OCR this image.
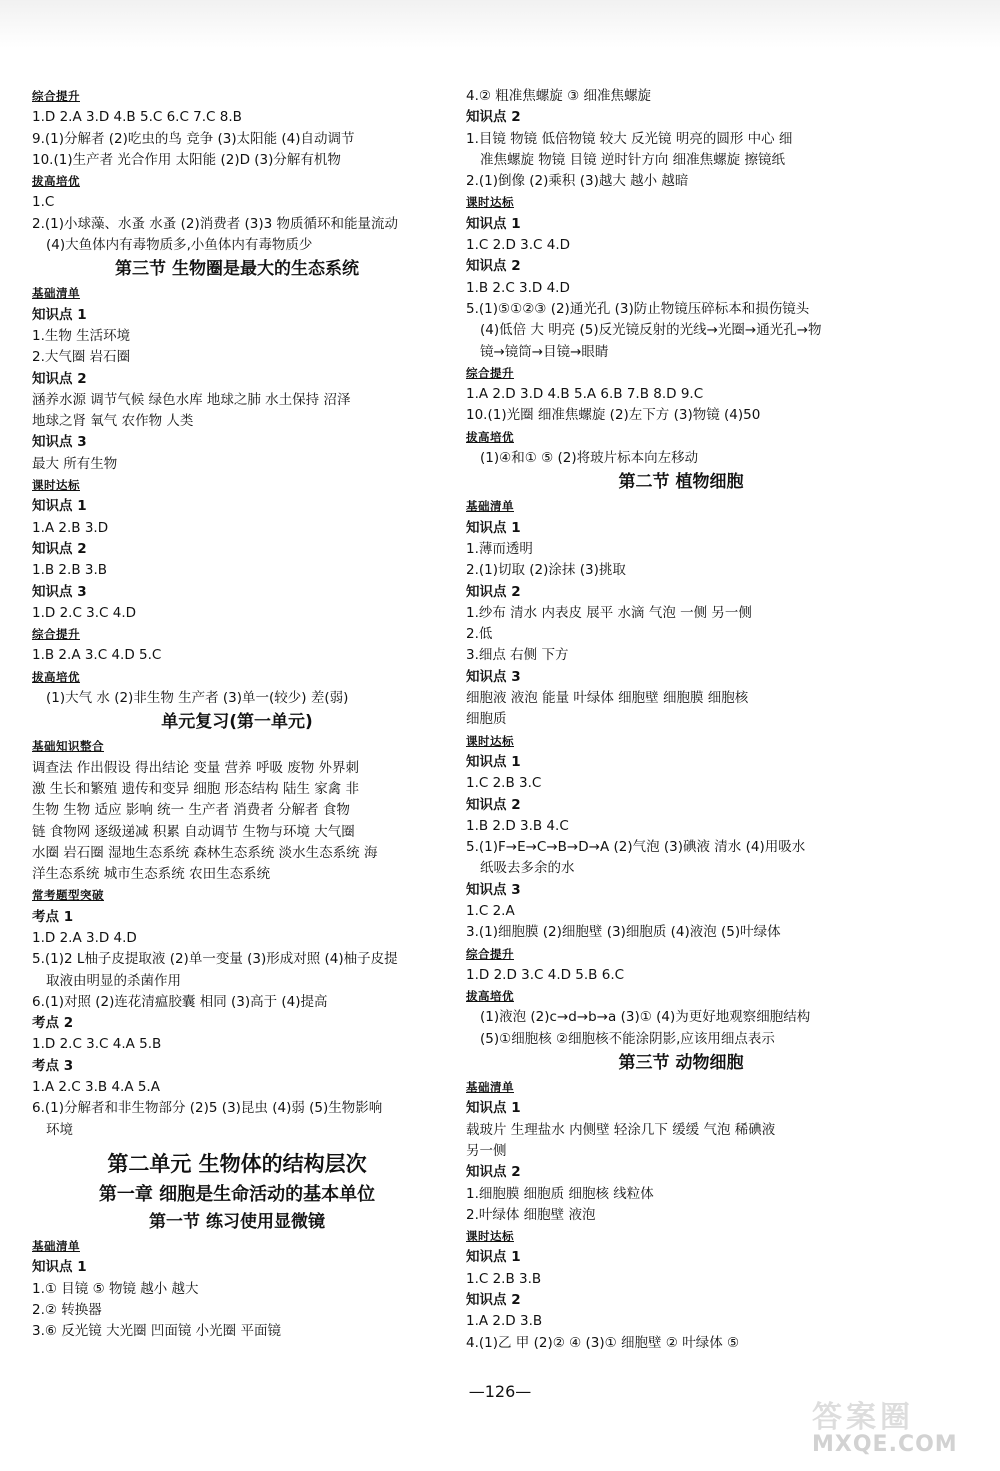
综合提升
1.D 2.A 3.D 4.B 5.C 6.C 7.C 8.B
9.(1)分解者 (2)吃虫的鸟 竞争 (3)太阳能 (4)自动调节
10.(1)生产者 光合作用 太阳能 (2)D (3)分解有机物
拔高培优
1.C
2.(1)小球藻、水蚤 水蚤 (2)消费者 (3)3 物质循环和能量流动
(4)大鱼体内有毒物质多,小鱼体内有毒物质少
第三节 生物圈是最大的生态系统
基础清单
知识点 1
1.生物 生活环境
2.大气圈 岩石圈
知识点 2
涵养水源 调节气候 绿色水库 地球之肺 水土保持 沼泽
地球之肾 氧气 农作物 人类
知识点 3
最大 所有生物
课时达标
知识点 1
1.A 2.B 3.D
知识点 2
1.B 2.B 3.B
知识点 3
1.D 2.C 3.C 4.D
综合提升
1.B 2.A 3.C 4.D 5.C
拔高培优
(1)大气 水 (2)非生物 生产者 (3)单一(较少) 差(弱)
单元复习(第一单元)
基础知识整合
调查法 作出假设 得出结论 变量 营养 呼吸 废物 外界刺
激 生长和繁殖 遗传和变异 细胞 形态结构 陆生 家禽 非
生物 生物 适应 影响 统一 生产者 消费者 分解者 食物
链 食物网 逐级递减 积累 自动调节 生物与环境 大气圈
水圈 岩石圈 湿地生态系统 森林生态系统 淡水生态系统 海
洋生态系统 城市生态系统 农田生态系统
常考题型突破
考点 1
1.D 2.A 3.D 4.D
5.(1)2 L柚子皮提取液 (2)单一变量 (3)形成对照 (4)柚子皮提
取液由明显的杀菌作用
6.(1)对照 (2)连花清瘟胶囊 相同 (3)高于 (4)提高
考点 2
1.D 2.C 3.C 4.A 5.B
考点 3
1.A 2.C 3.B 4.A 5.A
6.(1)分解者和非生物部分 (2)5 (3)昆虫 (4)弱 (5)生物影响
环境
第二单元 生物体的结构层次
第一章 细胞是生命活动的基本单位
第一节 练习使用显微镜
基础清单
知识点 1
1.① 目镜 ⑤ 物镜 越小 越大
2.② 转换器
3.⑥ 反光镜 大光圈 凹面镜 小光圈 平面镜
4.② 粗准焦螺旋 ③ 细准焦螺旋
知识点 2
1.目镜 物镜 低倍物镜 较大 反光镜 明亮的圆形 中心 细
准焦螺旋 物镜 目镜 逆时针方向 细准焦螺旋 擦镜纸
2.(1)倒像 (2)乘积 (3)越大 越小 越暗
课时达标
知识点 1
1.C 2.D 3.C 4.D
知识点 2
1.B 2.C 3.D 4.D
5.(1)⑤①②③ (2)通光孔 (3)防止物镜压碎标本和损伤镜头
(4)低倍 大 明亮 (5)反光镜反射的光线→光圈→通光孔→物
镜→镜筒→目镜→眼睛
综合提升
1.A 2.D 3.D 4.B 5.A 6.B 7.B 8.D 9.C
10.(1)光圈 细准焦螺旋 (2)左下方 (3)物镜 (4)50
拔高培优
(1)④和① ⑤ (2)将玻片标本向左移动
第二节 植物细胞
基础清单
知识点 1
1.薄而透明
2.(1)切取 (2)涂抹 (3)挑取
知识点 2
1.纱布 清水 内表皮 展平 水滴 气泡 一侧 另一侧
2.低
3.细点 右侧 下方
知识点 3
细胞液 液泡 能量 叶绿体 细胞壁 细胞膜 细胞核
细胞质
课时达标
知识点 1
1.C 2.B 3.C
知识点 2
1.B 2.D 3.B 4.C
5.(1)F→E→C→B→D→A (2)气泡 (3)碘液 清水 (4)用吸水
纸吸去多余的水
知识点 3
1.C 2.A
3.(1)细胞膜 (2)细胞壁 (3)细胞质 (4)液泡 (5)叶绿体
综合提升
1.D 2.D 3.C 4.D 5.B 6.C
拔高培优
(1)液泡 (2)c→d→b→a (3)① (4)为更好地观察细胞结构
(5)①细胞核 ②细胞核不能涂阴影,应该用细点表示
第三节 动物细胞
基础清单
知识点 1
载玻片 生理盐水 内侧壁 轻涂几下 缓缓 气泡 稀碘液
另一侧
知识点 2
1.细胞膜 细胞质 细胞核 线粒体
2.叶绿体 细胞壁 液泡
课时达标
知识点 1
1.C 2.B 3.B
知识点 2
1.A 2.D 3.B
4.(1)乙 甲 (2)② ④ (3)① 细胞壁 ② 叶绿体 ⑤
—126—
答案圈
MXQE.COM
